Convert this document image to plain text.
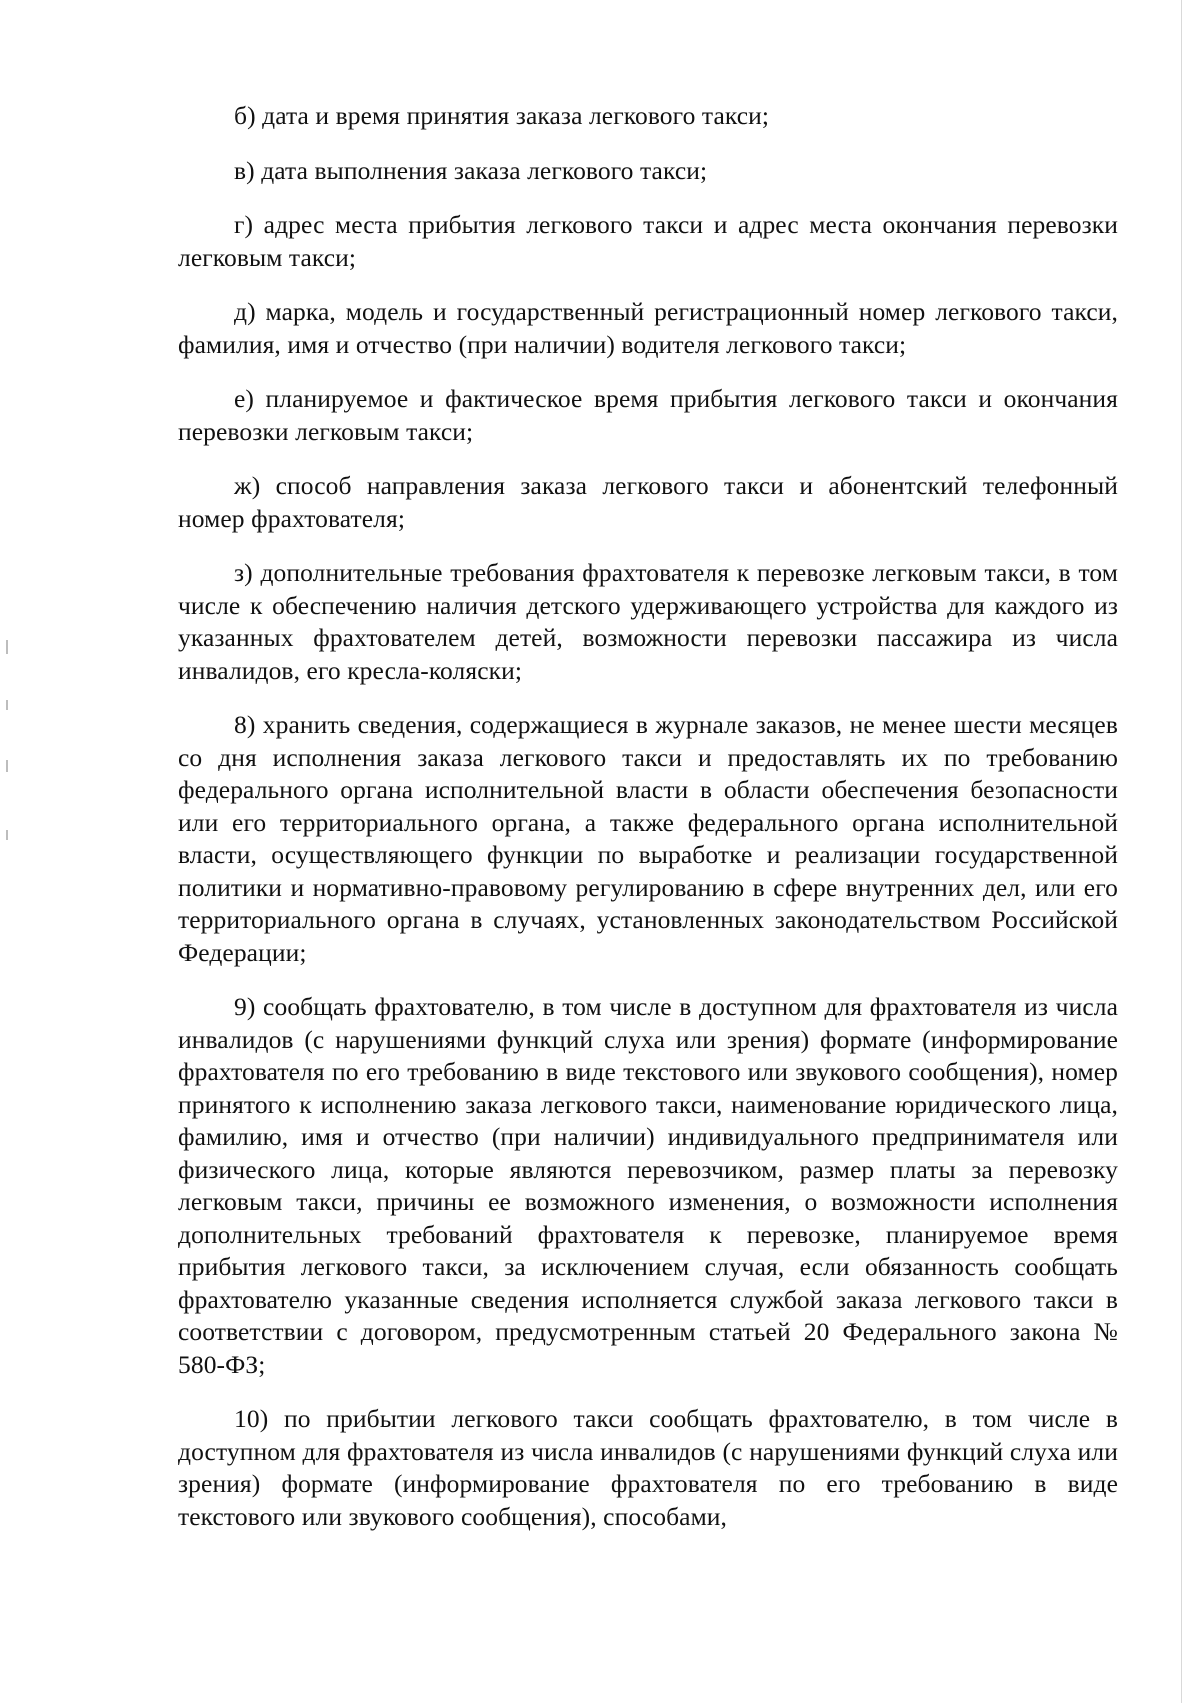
б) дата и время принятия заказа легкового такси;

в) дата выполнения заказа легкового такси;

г) адрес места прибытия легкового такси и адрес места окончания перевозки легковым такси;

д) марка, модель и государственный регистрационный номер легкового такси, фамилия, имя и отчество (при наличии) водителя легкового такси;

е) планируемое и фактическое время прибытия легкового такси и окончания перевозки легковым такси;

ж) способ направления заказа легкового такси и абонентский телефонный номер фрахтователя;

з) дополнительные требования фрахтователя к перевозке легковым такси, в том числе к обеспечению наличия детского удерживающего устройства для каждого из указанных фрахтователем детей, возможности перевозки пассажира из числа инвалидов, его кресла-коляски;

8) хранить сведения, содержащиеся в журнале заказов, не менее шести месяцев со дня исполнения заказа легкового такси и предоставлять их по требованию федерального органа исполнительной власти в области обеспечения безопасности или его территориального органа, а также федерального органа исполнительной власти, осуществляющего функции по выработке и реализации государственной политики и нормативно-правовому регулированию в сфере внутренних дел, или его территориального органа в случаях, установленных законодательством Российской Федерации;

9) сообщать фрахтователю, в том числе в доступном для фрахтователя из числа инвалидов (с нарушениями функций слуха или зрения) формате (информирование фрахтователя по его требованию в виде текстового или звукового сообщения), номер принятого к исполнению заказа легкового такси, наименование юридического лица, фамилию, имя и отчество (при наличии) индивидуального предпринимателя или физического лица, которые являются перевозчиком, размер платы за перевозку легковым такси, причины ее возможного изменения, о возможности исполнения дополнительных требований фрахтователя к перевозке, планируемое время прибытия легкового такси, за исключением случая, если обязанность сообщать фрахтователю указанные сведения исполняется службой заказа легкового такси в соответствии с договором, предусмотренным статьей 20 Федерального закона № 580-ФЗ;

10) по прибытии легкового такси сообщать фрахтователю, в том числе в доступном для фрахтователя из числа инвалидов (с нарушениями функций слуха или зрения) формате (информирование фрахтователя по его требованию в виде текстового или звукового сообщения), способами,
